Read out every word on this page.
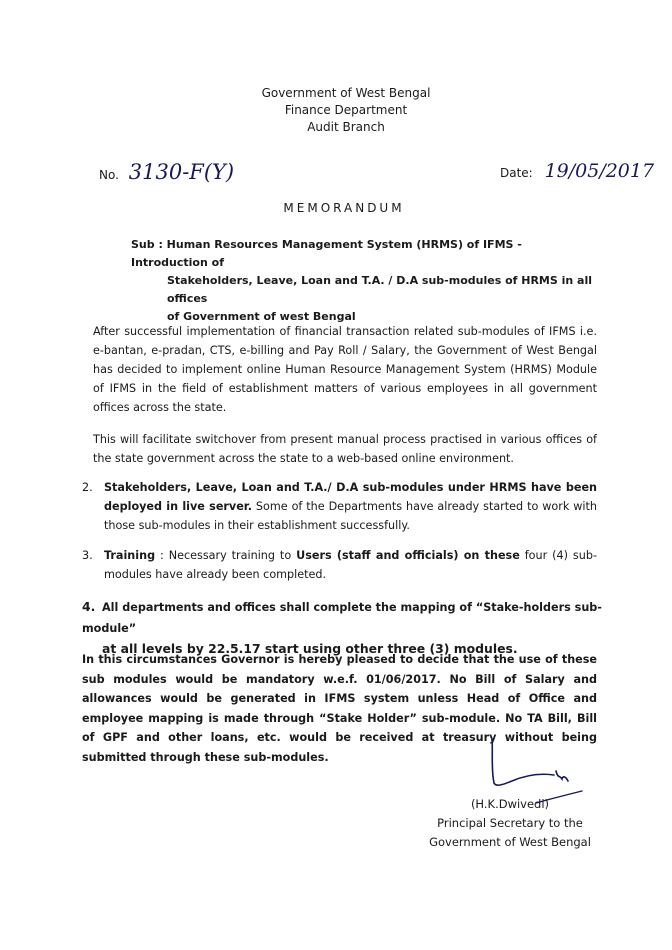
Government of West Bengal
Finance Department
Audit Branch
No. 3130-F(Y)	Date: 19/05/2017
MEMORANDUM
Sub : Human Resources Management System (HRMS) of IFMS - Introduction of
Stakeholders, Leave, Loan and T.A. / D.A sub-modules of HRMS in all offices
of Government of west Bengal
After successful implementation of financial transaction related sub-modules of IFMS i.e. e-bantan, e-pradan, CTS, e-billing and Pay Roll / Salary, the Government of West Bengal has decided to implement online Human Resource Management System (HRMS) Module of IFMS in the field of establishment matters of various employees in all government offices across the state.
This will facilitate switchover from present manual process practised in various offices of the state government across the state to a web-based online environment.
2.	Stakeholders, Leave, Loan and T.A./ D.A sub-modules under HRMS have been deployed in live server. Some of the Departments have already started to work with those sub-modules in their establishment successfully.
3.	Training : Necessary training to Users (staff and officials) on these four (4) sub-modules have already been completed.
4. All departments and offices shall complete the mapping of “Stake-holders sub-module”
at all levels by 22.5.17 start using other three (3) modules.
In this circumstances Governor is hereby pleased to decide that the use of these sub modules would be mandatory w.e.f. 01/06/2017. No Bill of Salary and allowances would be generated in IFMS system unless Head of Office and employee mapping is made through “Stake Holder” sub-module. No TA Bill, Bill of GPF and other loans, etc. would be received at treasury without being submitted through these sub-modules.
(H.K.Dwivedi)
Principal Secretary to the
Government of West Bengal
